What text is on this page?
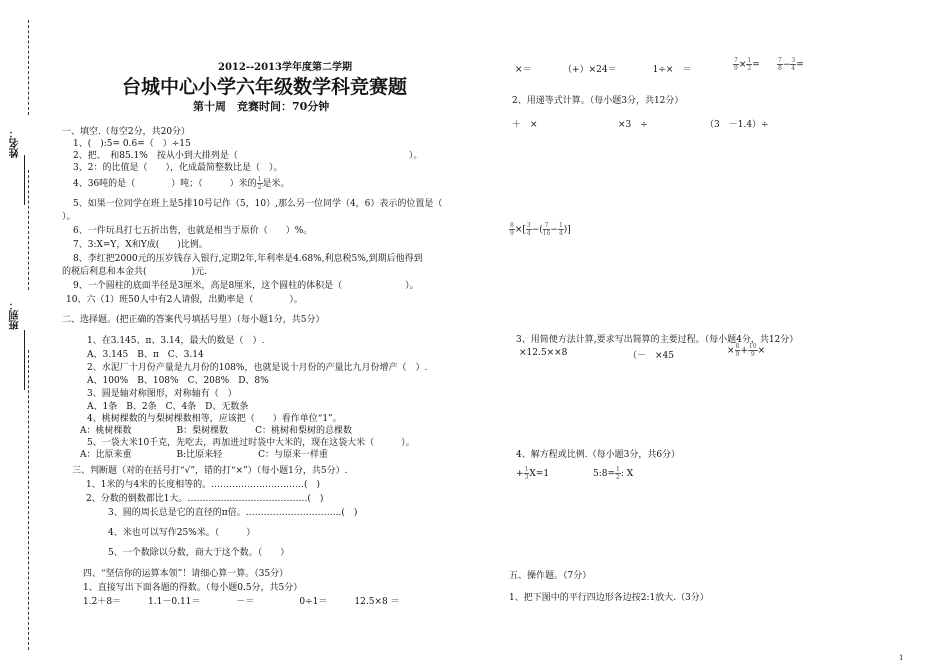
姓名：
班别：
2012--2013学年度第二学期
台城中心小学六年级数学科竞赛题
第十周　竞赛时间：70分钟
一、填空.（每空2分，共20分）
1、(　):5= 0.6=（　）÷15
2、把、　和85.1%　按从小到大排列是（　　　　　　　　　　　　　　　　　　　）。
3、2：的比值是（　　），化成最简整数比是（　）。
4、36吨的是（　　　　）吨；（　　　）米的 $\frac{1}{2}$ 是米。
5、如果一位同学在班上是5排10号记作（5，10）,那么另一位同学（4，6）表示的位置是（
）。
6、一件玩具打七五折出售，也就是相当于原价（　　）%。
7、3:X=Y，X和Y成(　　)比例。
8、李红把2000元的压岁钱存入银行,定期2年,年利率是4.68%,利息税5%,到期后他得到
的税后利息和本金共(　　　　　)元.
9、一个圆柱的底面半径是3厘米，高是8厘米，这个圆柱的体积是（　　　　　　　）。
10、六（1）班50人中有2人请假，出勤率是（　　　　）。
二、选择题。(把正确的答案代号填括号里）（每小题1分，共5分）
1、在3.145、π、3.14，最大的数是（　）.
A、3.145　B、π　C、3.14
2、水泥厂十月份产量是九月份的108%，也就是说十月份的产量比九月份增产（　）.
A、100%　B、108%　C、208%　D、8%
3、圆是轴对称图形，对称轴有（　）
A、1条　B、2条　C、4条　D、无数条
4、桃树棵数的与梨树棵数相等，应该把（　　）看作单位“1”。
A：桃树棵数　　　　　B：梨树棵数　　　C：桃树和梨树的总棵数
5、一袋大米10千克，先吃去，再加进过时袋中大米的，现在这袋大米（　　　）。
A：比原来重　　　　　B:比原来轻　　　　C：与原来一样重
三、判断题（对的在括号打“√”，错的打“×”）（每小题1分，共5分）.
1、1米的与4米的长度相等的。………………………….(　)
2、分数的倒数都比1大。………………………………….(　)
3、圆的周长总是它的直径的π倍。…………………………..(　)
4、米也可以写作25%米。（　　　）
5、一个数除以分数，商大于这个数。（　　）
四、“坚信你的运算本领”！请细心算一算。（35分）
1、直接写出下面各题的得数。（每小题0.5分，共5分）
1.2＋8＝　　　1.1－0.11＝　　　　－＝　　　　　0÷1＝　　　12.5×8 ＝
×＝　　　　（+）×24＝　　　　1÷×　＝	$\frac{7}{9} \times \frac{1}{2}$ =	$\frac{7}{8} - \frac{3}{4}$ =
2、用递等式计算。（每小题3分，共12分）
＋　×	×3　÷	（3　－1.4）÷
$\frac{8}{9}$ ×[ $\frac{3}{4}$ −( $\frac{7}{16} - \frac{1}{4}$ )]
3、用简便方法计算,要求写出简算的主要过程。（每小题4分，共12分）
×12.5××8	（－　×45	× $\frac{8}{9} + \frac{10}{9}$ ×
4、解方程或比例.（每小题3分，共6分）
+ $\frac{1}{3} X=1$	5:8= $\frac{1}{2}$ : X
五、操作题。（7分）
1、把下图中的平行四边形各边按2:1放大.（3分）
1
